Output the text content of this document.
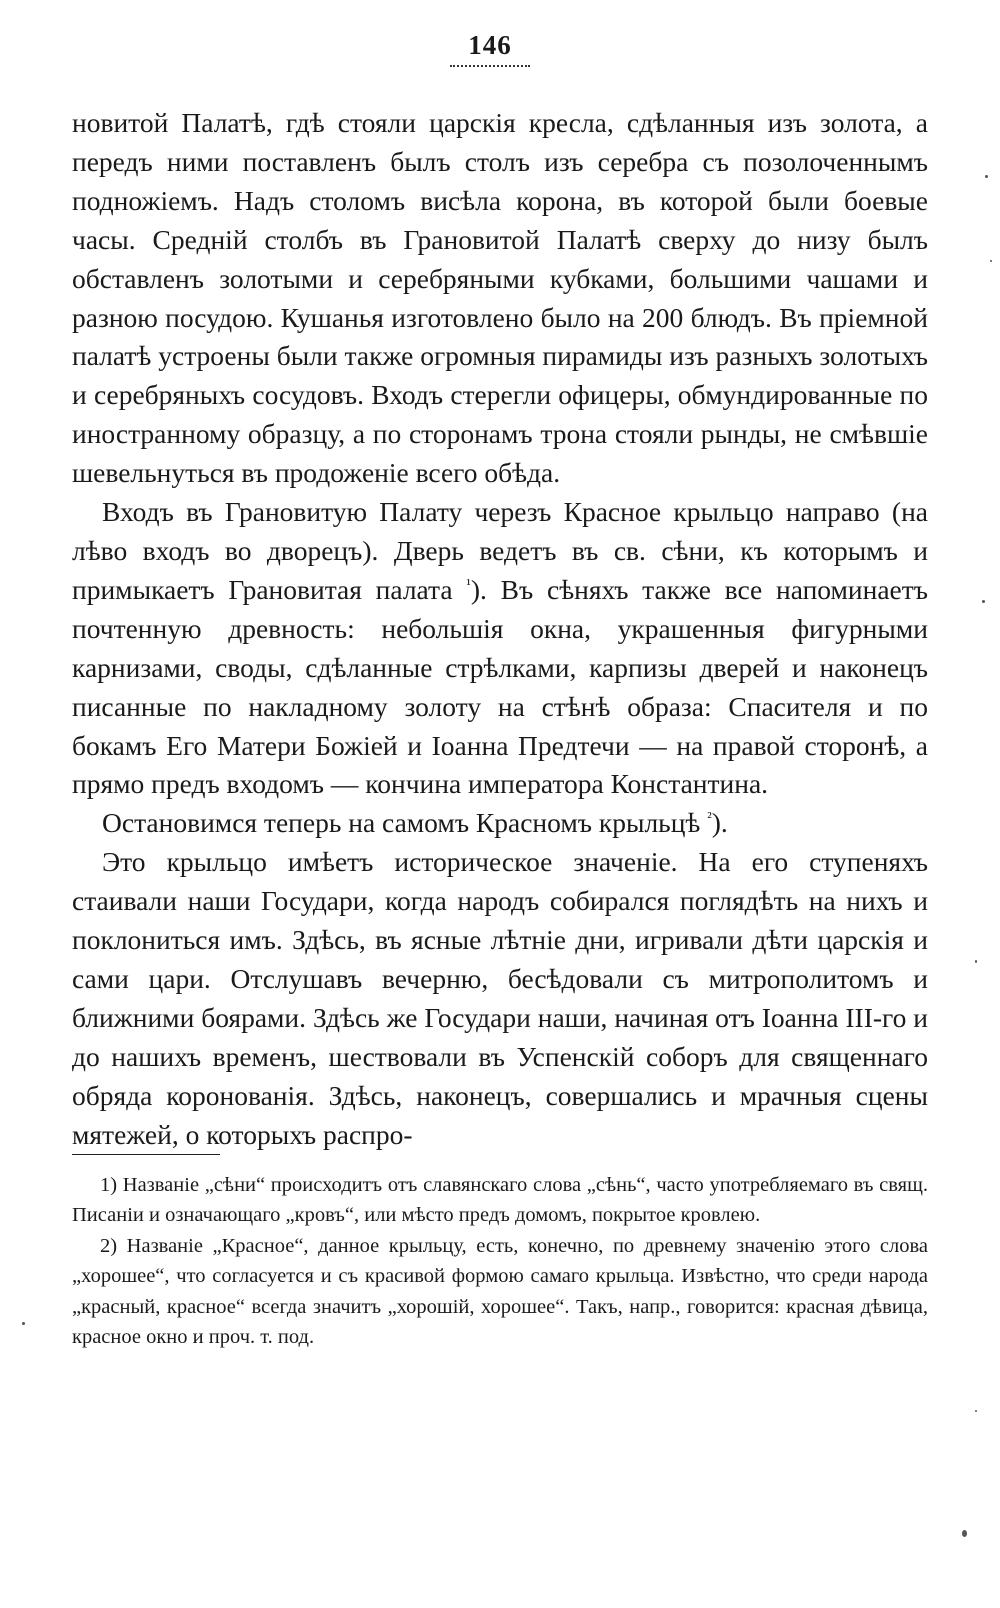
146

новитой Палатѣ, гдѣ стояли царскія кресла, сдѣланныя изъ золота, а передъ ними поставленъ былъ столъ изъ серебра съ позолоченнымъ подножіемъ. Надъ столомъ висѣла корона, въ которой были боевые часы. Средній столбъ въ Грановитой Палатѣ сверху до низу былъ обставленъ золотыми и серебряными кубками, большими чашами и разною посудою. Кушанья изготовлено было на 200 блюдъ. Въ пріемной палатѣ устроены были также огромныя пирамиды изъ разныхъ золотыхъ и серебряныхъ сосудовъ. Входъ стерегли офицеры, обмундированные по иностранному образцу, а по сторонамъ трона стояли рынды, не смѣвшіе шевельнуться въ продоженіе всего обѣда.

Входъ въ Грановитую Палату черезъ Красное крыльцо направо (на лѣво входъ во дворецъ). Дверь ведетъ въ св. сѣни, къ которымъ и примыкаетъ Грановитая палата $^{^1}$). Въ сѣняхъ также все напоминаетъ почтенную древность: небольшія окна, украшенныя фигурными карнизами, своды, сдѣланные стрѣлками, карпизы дверей и наконецъ писанные по накладному золоту на стѣнѣ образа: Спасителя и по бокамъ Его Матери Божіей и Іоанна Предтечи — на правой сторонѣ, а прямо предъ входомъ — кончина императора Константина.

Остановимся теперь на самомъ Красномъ крыльцѣ $^{^2}$).

Это крыльцо имѣетъ историческое значеніе. На его ступеняхъ стаивали наши Государи, когда народъ собирался поглядѣть на нихъ и поклониться имъ. Здѣсь, въ ясные лѣтніе дни, игривали дѣти царскія и сами цари. Отслушавъ вечерню, бесѣдовали съ митрополитомъ и ближними боярами. Здѣсь же Государи наши, начиная отъ Іоанна III-го и до нашихъ временъ, шествовали въ Успенскій соборъ для священнаго обряда коронованія. Здѣсь, наконецъ, совершались и мрачныя сцены мятежей, о которыхъ распро-

1) Названіе „сѣни“ происходитъ отъ славянскаго слова „сѣнь“, часто употребляемаго въ свящ. Писаніи и означающаго „кровъ“, или мѣсто предъ домомъ, покрытое кровлею.

2) Названіе „Красное“, данное крыльцу, есть, конечно, по древнему значенію этого слова „хорошее“, что согласуется и съ красивой формою самаго крыльца. Извѣстно, что среди народа „красный, красное“ всегда значитъ „хорошій, хорошее“. Такъ, напр., говорится: красная дѣвица, красное окно и проч. т. под.
